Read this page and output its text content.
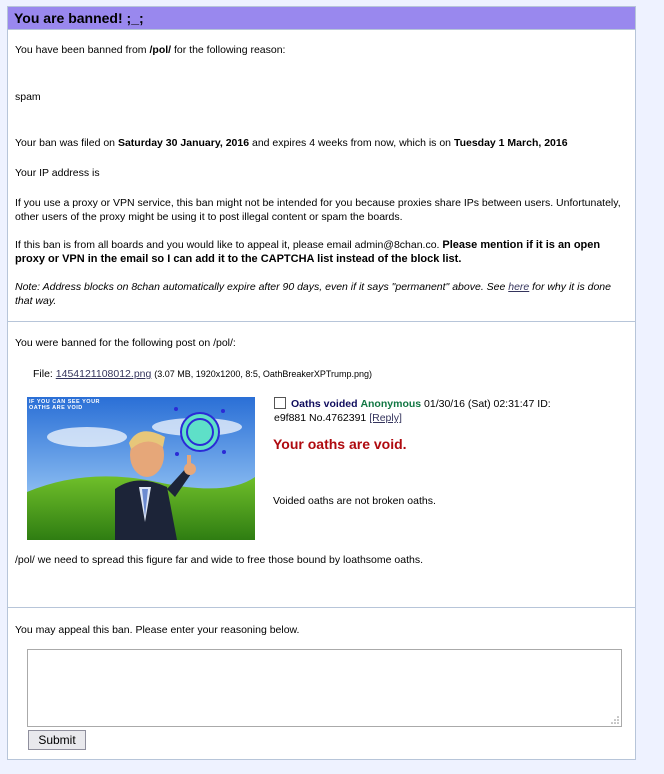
You are banned! ;_;

You have been banned from /pol/ for the following reason:

spam

Your ban was filed on Saturday 30 January, 2016 and expires 4 weeks from now, which is on Tuesday 1 March, 2016

Your IP address is

If you use a proxy or VPN service, this ban might not be intended for you because proxies share IPs between users. Unfortunately, other users of the proxy might be using it to post illegal content or spam the boards.

If this ban is from all boards and you would like to appeal it, please email admin@8chan.co. Please mention if it is an open proxy or VPN in the email so I can add it to the CAPTCHA list instead of the block list.

Note: Address blocks on 8chan automatically expire after 90 days, even if it says "permanent" above. See here for why it is done that way.

You were banned for the following post on /pol/:

File: 1454121108012.png (3.07 MB, 1920x1200, 8:5, OathBreakerXPTrump.png)
IF YOU CAN SEE YOUR OATHS ARE VOID	Oaths voided Anonymous 01/30/16 (Sat) 02:31:47 ID:
e9f881 No.4762391 [Reply]
Your oaths are void.
Voided oaths are not broken oaths.

/pol/ we need to spread this figure far and wide to free those bound by loathsome oaths.

You may appeal this ban. Please enter your reasoning below.

Submit
